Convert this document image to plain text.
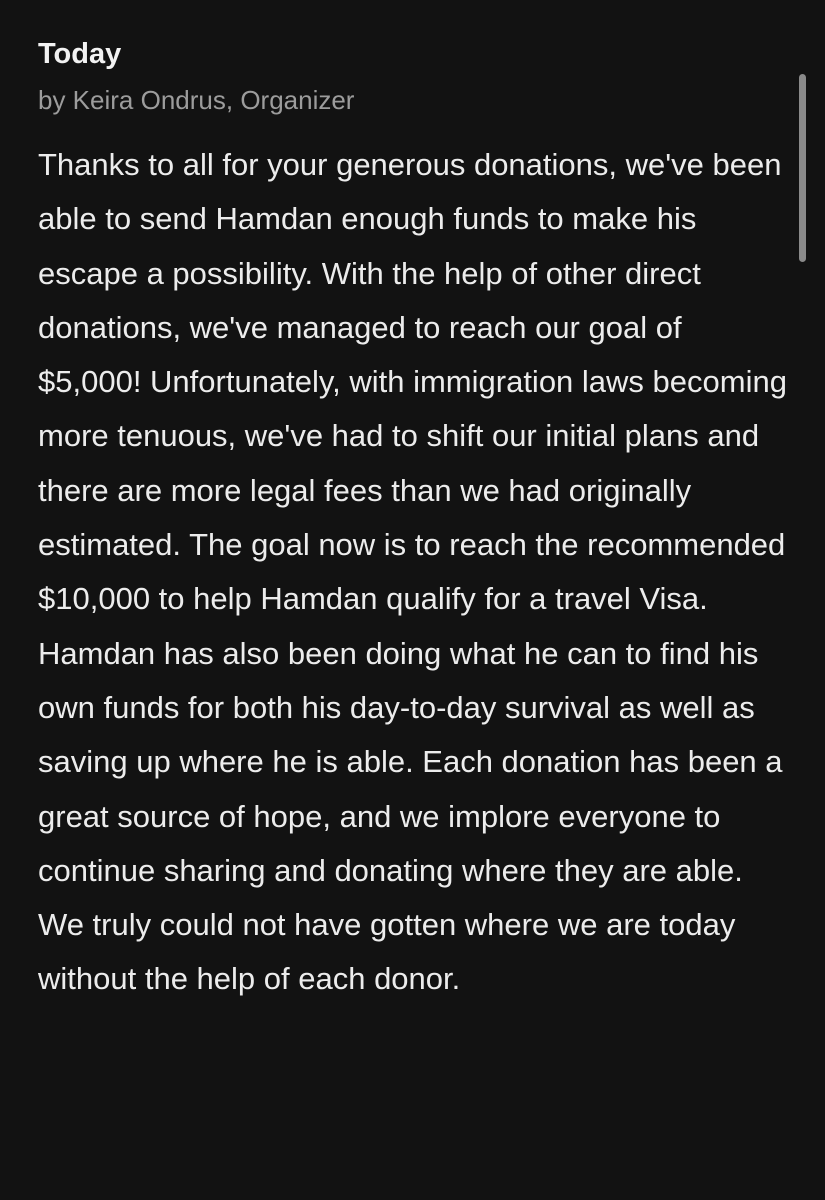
Today

by Keira Ondrus, Organizer

Thanks to all for your generous donations, we've been able to send Hamdan enough funds to make his escape a possibility. With the help of other direct donations, we've managed to reach our goal of $5,000! Unfortunately, with immigration laws becoming more tenuous, we've had to shift our initial plans and there are more legal fees than we had originally estimated. The goal now is to reach the recommended $10,000 to help Hamdan qualify for a travel Visa. Hamdan has also been doing what he can to find his own funds for both his day-to-day survival as well as saving up where he is able. Each donation has been a great source of hope, and we implore everyone to continue sharing and donating where they are able. We truly could not have gotten where we are today without the help of each donor.
